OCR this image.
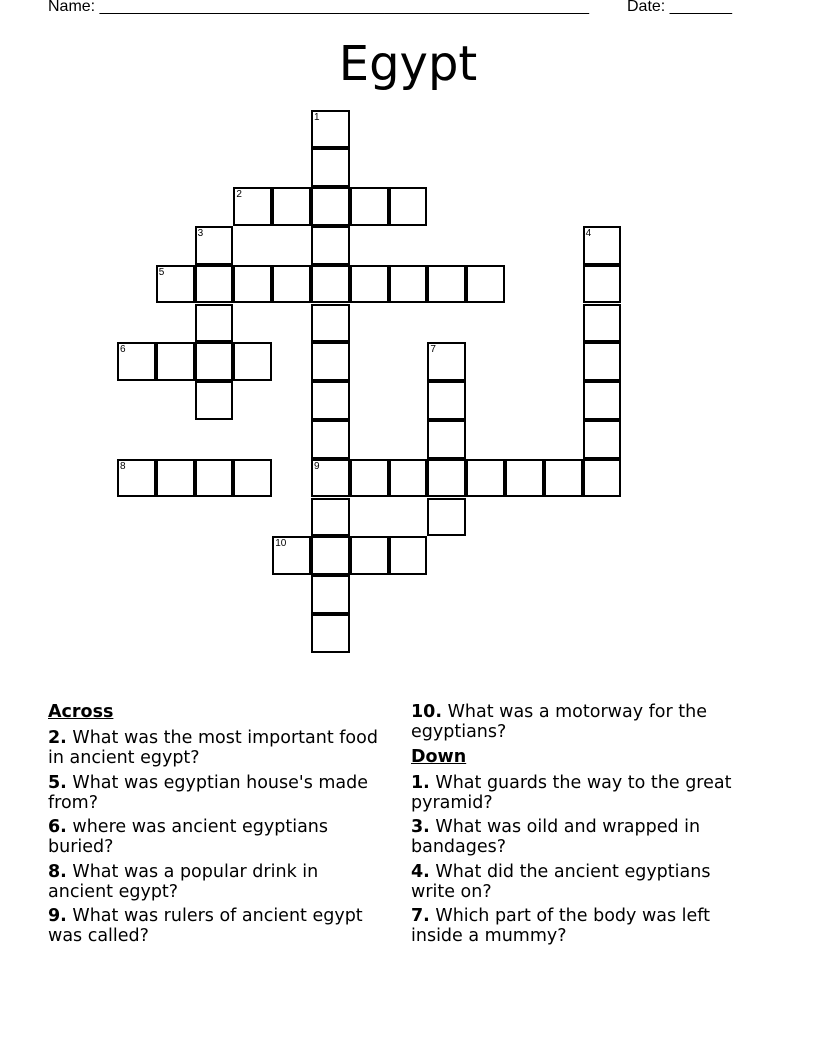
Name: _______________________________________________________ Date: _______
Egypt
1
2
3	4
5
6	7
8	9
10
Across
2. What was the most important food in ancient egypt?
5. What was egyptian house's made from?
6. where was ancient egyptians buried?
8. What was a popular drink in ancient egypt?
9. What was rulers of ancient egypt was called?
10. What was a motorway for the egyptians?
Down
1. What guards the way to the great pyramid?
3. What was oild and wrapped in bandages?
4. What did the ancient egyptians write on?
7. Which part of the body was left inside a mummy?
